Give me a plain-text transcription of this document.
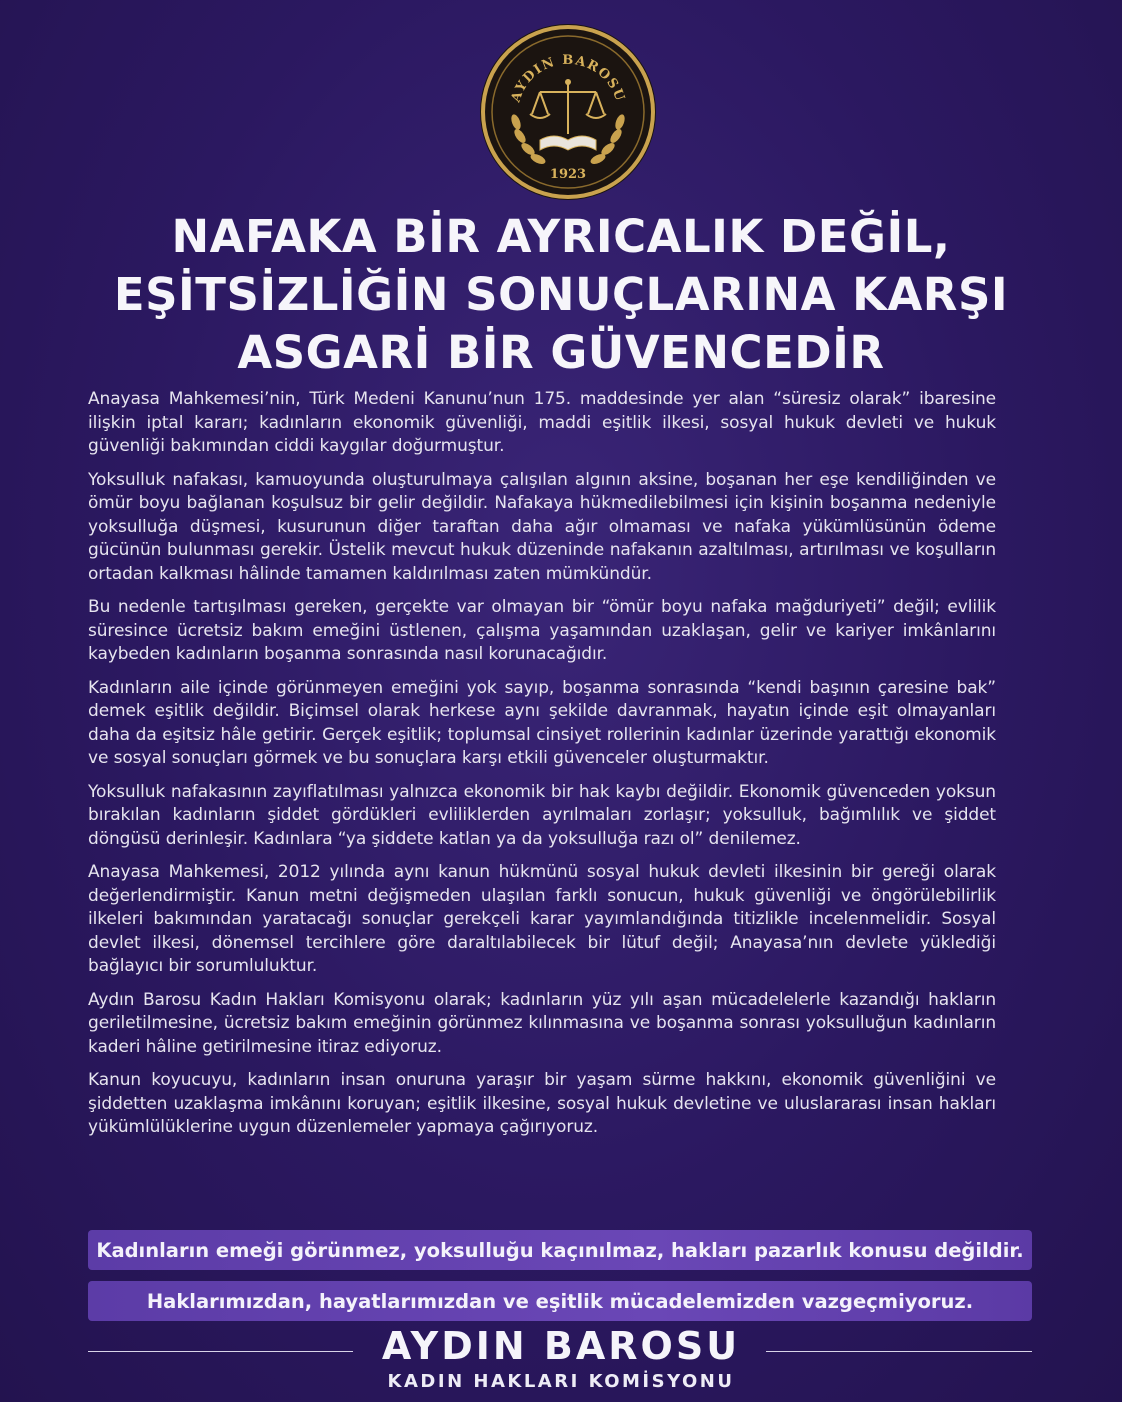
AYDIN BAROSU
1923
NAFAKA BİR AYRICALIK DEĞİL,
EŞİTSİZLİĞİN SONUÇLARINA KARŞI
ASGARİ BİR GÜVENCEDİR

Anayasa Mahkemesi’nin, Türk Medeni Kanunu’nun 175. maddesinde yer alan “süresiz olarak” ibaresine ilişkin iptal kararı; kadınların ekonomik güvenliği, maddi eşitlik ilkesi, sosyal hukuk devleti ve hukuk güvenliği bakımından ciddi kaygılar doğurmuştur.

Yoksulluk nafakası, kamuoyunda oluşturulmaya çalışılan algının aksine, boşanan her eşe kendiliğinden ve ömür boyu bağlanan koşulsuz bir gelir değildir. Nafakaya hükmedilebilmesi için kişinin boşanma nedeniyle yoksulluğa düşmesi, kusurunun diğer taraftan daha ağır olmaması ve nafaka yükümlüsünün ödeme gücünün bulunması gerekir. Üstelik mevcut hukuk düzeninde nafakanın azaltılması, artırılması ve koşulların ortadan kalkması hâlinde tamamen kaldırılması zaten mümkündür.

Bu nedenle tartışılması gereken, gerçekte var olmayan bir “ömür boyu nafaka mağduriyeti” değil; evlilik süresince ücretsiz bakım emeğini üstlenen, çalışma yaşamından uzaklaşan, gelir ve kariyer imkânlarını kaybeden kadınların boşanma sonrasında nasıl korunacağıdır.

Kadınların aile içinde görünmeyen emeğini yok sayıp, boşanma sonrasında “kendi başının çaresine bak” demek eşitlik değildir. Biçimsel olarak herkese aynı şekilde davranmak, hayatın içinde eşit olmayanları daha da eşitsiz hâle getirir. Gerçek eşitlik; toplumsal cinsiyet rollerinin kadınlar üzerinde yarattığı ekonomik ve sosyal sonuçları görmek ve bu sonuçlara karşı etkili güvenceler oluşturmaktır.

Yoksulluk nafakasının zayıflatılması yalnızca ekonomik bir hak kaybı değildir. Ekonomik güvenceden yoksun bırakılan kadınların şiddet gördükleri evliliklerden ayrılmaları zorlaşır; yoksulluk, bağımlılık ve şiddet döngüsü derinleşir. Kadınlara “ya şiddete katlan ya da yoksulluğa razı ol” denilemez.

Anayasa Mahkemesi, 2012 yılında aynı kanun hükmünü sosyal hukuk devleti ilkesinin bir gereği olarak değerlendirmiştir. Kanun metni değişmeden ulaşılan farklı sonucun, hukuk güvenliği ve öngörülebilirlik ilkeleri bakımından yaratacağı sonuçlar gerekçeli karar yayımlandığında titizlikle incelenmelidir. Sosyal devlet ilkesi, dönemsel tercihlere göre daraltılabilecek bir lütuf değil; Anayasa’nın devlete yüklediği bağlayıcı bir sorumluluktur.

Aydın Barosu Kadın Hakları Komisyonu olarak; kadınların yüz yılı aşan mücadelelerle kazandığı hakların geriletilmesine, ücretsiz bakım emeğinin görünmez kılınmasına ve boşanma sonrası yoksulluğun kadınların kaderi hâline getirilmesine itiraz ediyoruz.

Kanun koyucuyu, kadınların insan onuruna yaraşır bir yaşam sürme hakkını, ekonomik güvenliğini ve şiddetten uzaklaşma imkânını koruyan; eşitlik ilkesine, sosyal hukuk devletine ve uluslararası insan hakları yükümlülüklerine uygun düzenlemeler yapmaya çağırıyoruz.

Kadınların emeği görünmez, yoksulluğu kaçınılmaz, hakları pazarlık konusu değildir.
Haklarımızdan, hayatlarımızdan ve eşitlik mücadelemizden vazgeçmiyoruz.
AYDIN BAROSU
KADIN HAKLARI KOMİSYONU
